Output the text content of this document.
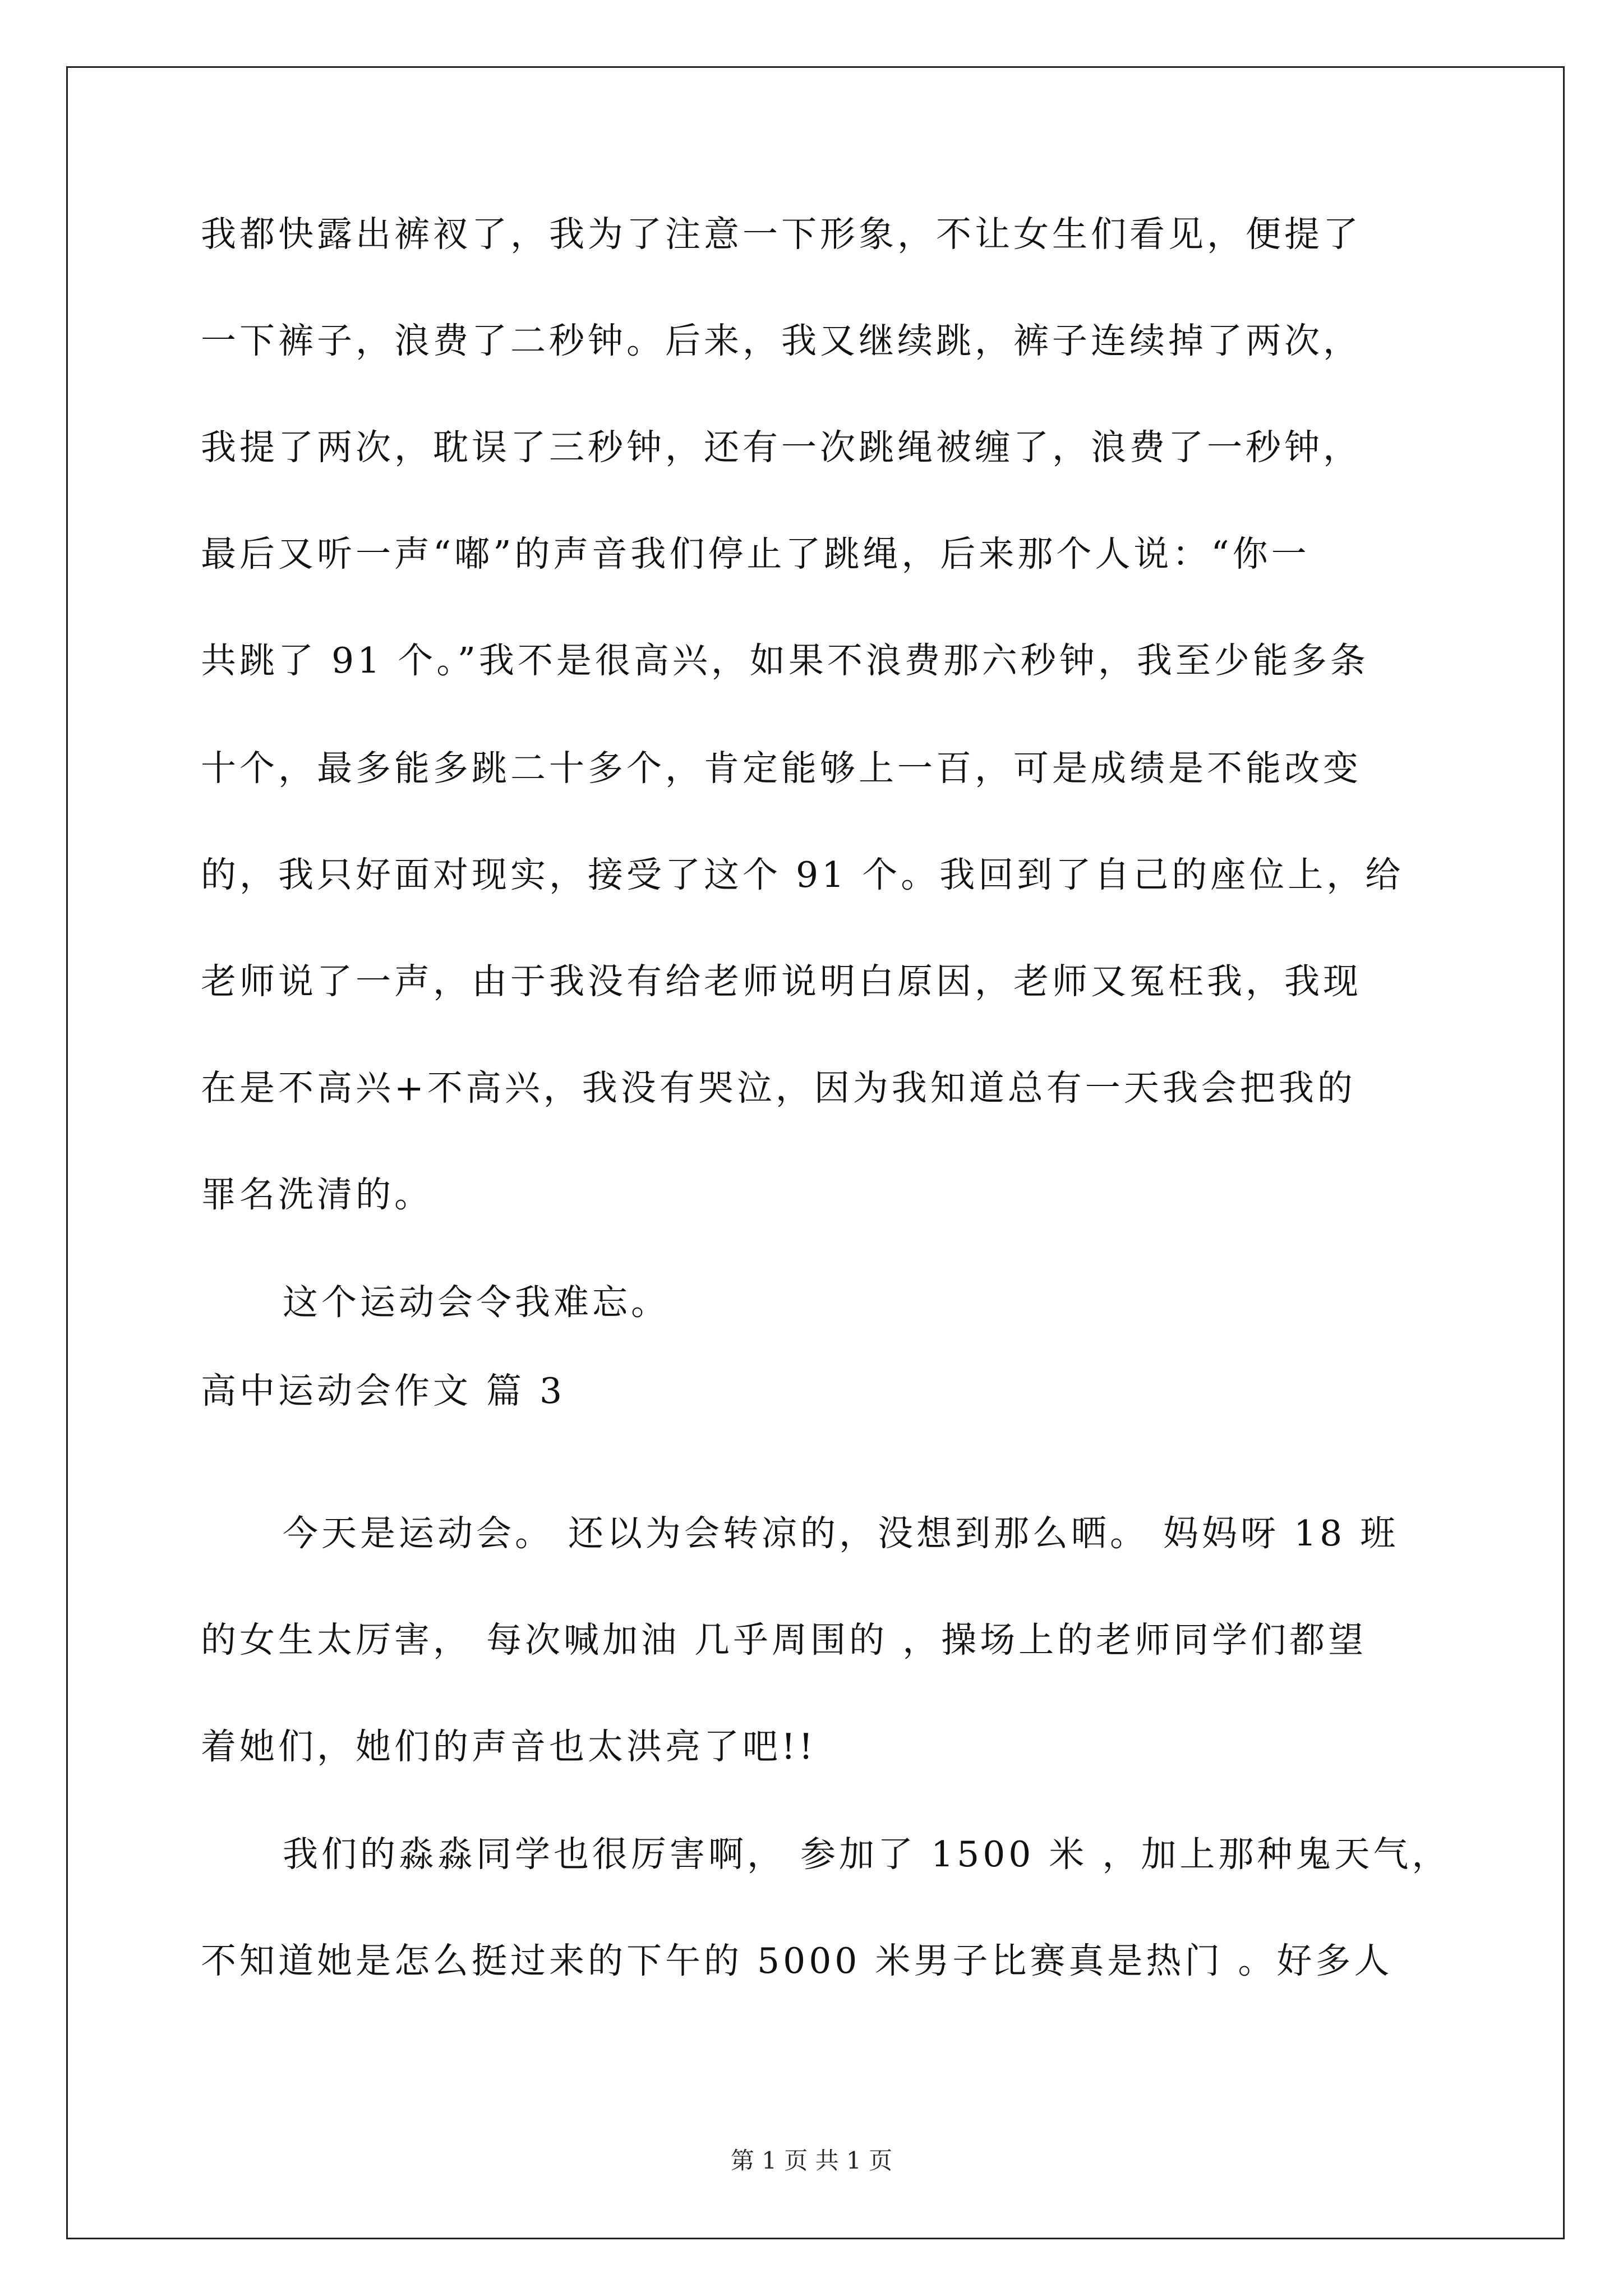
我都快露出裤衩了，我为了注意一下形象，不让女生们看见，便提了
一下裤子，浪费了二秒钟。后来，我又继续跳，裤子连续掉了两次，
我提了两次，耽误了三秒钟，还有一次跳绳被缠了，浪费了一秒钟，
最后又听一声“嘟”的声音我们停止了跳绳，后来那个人说：“你一
共跳了 91 个。”我不是很高兴，如果不浪费那六秒钟，我至少能多条
十个，最多能多跳二十多个，肯定能够上一百，可是成绩是不能改变
的，我只好面对现实，接受了这个 91 个。我回到了自己的座位上，给
老师说了一声，由于我没有给老师说明白原因，老师又冤枉我，我现
在是不高兴+不高兴，我没有哭泣，因为我知道总有一天我会把我的
罪名洗清的。
这个运动会令我难忘。
高中运动会作文 篇 3
今天是运动会。 还以为会转凉的，没想到那么晒。 妈妈呀 18 班
的女生太厉害， 每次喊加油 几乎周围的 ，操场上的老师同学们都望
着她们，她们的声音也太洪亮了吧!!
我们的淼淼同学也很厉害啊， 参加了 1500 米 ，加上那种鬼天气，
不知道她是怎么挺过来的下午的 5000 米男子比赛真是热门 。好多人
第 1 页 共 1 页
